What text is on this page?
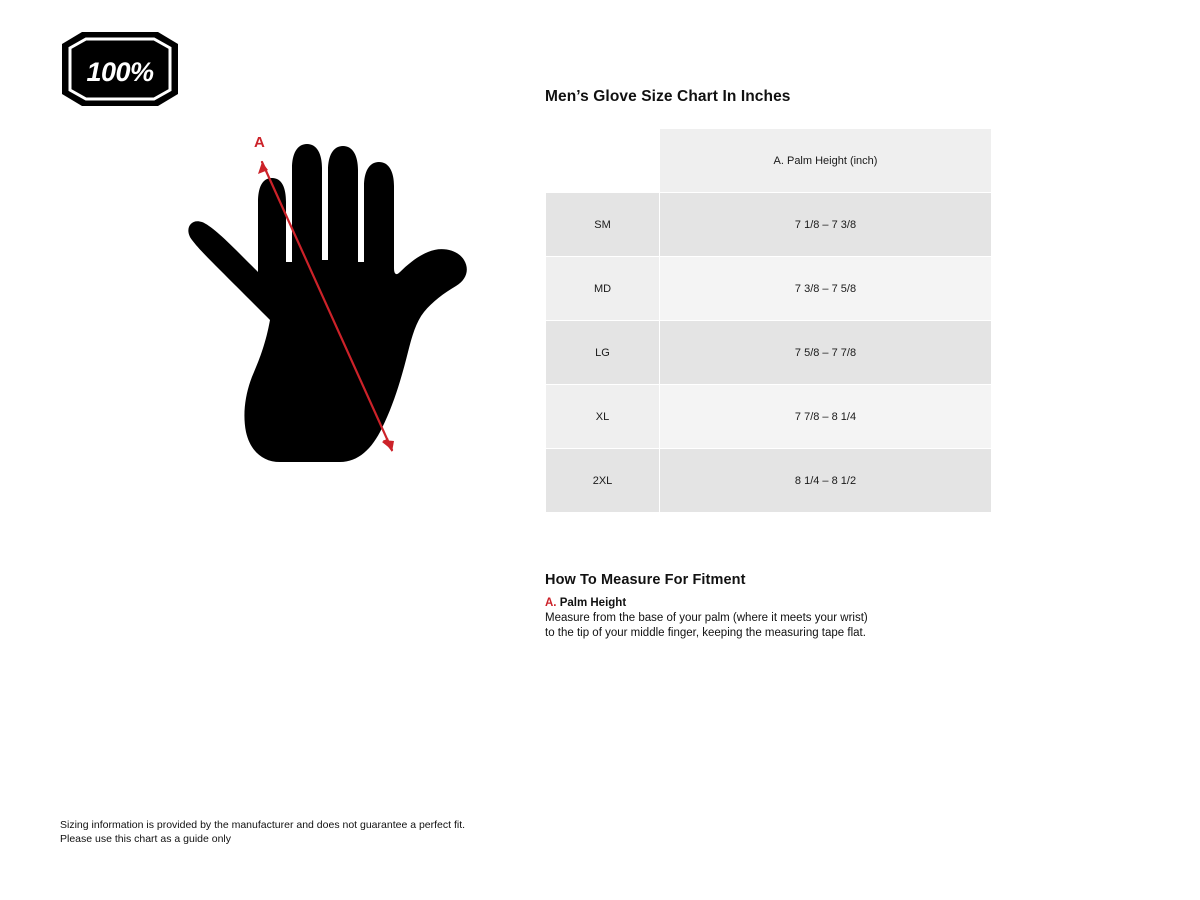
100%
A
Men’s Glove Size Chart In Inches
	A. Palm Height (inch)
SM	7 1/8 – 7 3/8
MD	7 3/8 – 7 5/8
LG	7 5/8 – 7 7/8
XL	7 7/8 – 8 1/4
2XL	8 1/4 – 8 1/2
How To Measure For Fitment

A. Palm Height

Measure from the base of your palm (where it meets your wrist) to the tip of your middle finger, keeping the measuring tape flat.

Sizing information is provided by the manufacturer and does not guarantee a perfect fit.
Please use this chart as a guide only
